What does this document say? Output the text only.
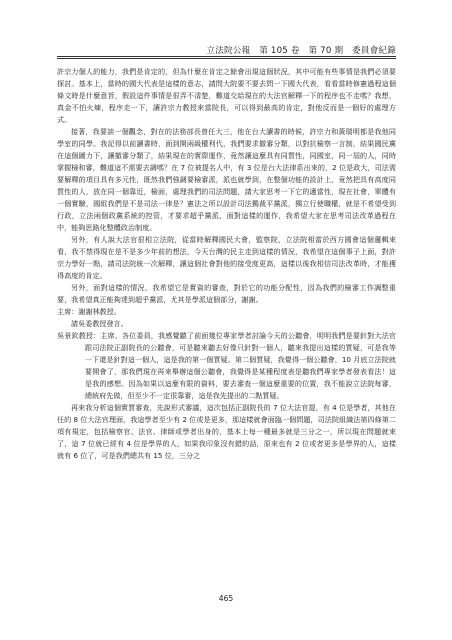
立法院公報　第 105 卷　第 70 期　委員會紀錄

許宗力個人的能力，我們是肯定的，但為什麼在肯定之餘會出現這個狀況，其中可能有些事情是我們必須要探討。基本上，當時的國大代表是這樣的意志，請問大院要不要去問一下國大代表，看看當時修憲過程這個條文時是什麼意旨，假設這件事情是很弄不清楚，難道交給現在的大法官解釋一下的程序也不走嗎？我想，真金不怕火煉，程序走一下，讓許宗力教授來當院長，可以得到最高的肯定，對他反而是一個好的處理方式。

接著，我要談一個觀念，對在的法務部長曾任大三，他在台大讀書的時候，許宗力和黃瑞明都是我他同學室的同學。我記得以前讀書時，面到開兩級權利代，我們要求撤審分類，以對抗檢察一言制，結果國民黨在這個圖力下，讓撤審分類了，結果現在的實際運作，竟然讓這麼具有同質性，同國室，同一屆的人，同時掌握檢和審，難道這不需要去調嗎？在 7 位被提名人中，有 3 位是台大法律系出來的，2 位是政大，司法需要解釋的項目具有多元性，既然我們強調要檢審派，派也就學到，在整個功能的設計上，竟然把具有高度同質性的人，放在同一個靠近，檢面，處理我們的司法問題，請大家思考一下它的適當性，現在社會，單體有一個實驗，國組我們是不是司法一律是？憲法之所以設計司法獨裁平黨派，獨立行使職權，就是不希望受到行政，立法兩個政黨系統的控管，才要求超乎黨派，面對這樣的運作，我希望大家在思考司法改革過程在中，能夠思路化整體政治制度。

另外，有人說大法官很相立法院，從當時解釋國民大會，監察院，立法院相當於西方國會這個邏輯來看，我不禁得現在是不是多少年前的想法，今天台灣的民主走到這樣的情況，我希望在這個事子上面，對許宗力學好一點，請司法院統一次解釋，讓這個社會對他的接受度更高，這樣以後我相信司法改革時，才能獲得高度的肯定。

另外，面對這樣的情況，我希望它是實資的審查，對於它的功能分配性，因為我們的檢審工作調整重要，我希望真正能夠達到超乎黨派，尤其是學派這個部分，謝謝。

主席：謝謝林教授。

請吳委教授發言。

吳景欽教授：主席、各位委員，我感覺聽了前面幾位專家學者討論今天的公聽會，明明我們是要針對大法官跟司法院正副院長的公聽會，可是聽來聽去好像只針對一個人，聽來我提出這樣的質疑，可是我等一下還是針對這一個人，這是我的第一個質疑。第二個質疑，我覺得一個公聽會，10 月底立法院就要開會了，那我們現在再來舉辦這個公聽會，我覺得是某種程度表是聽我們專家學者發表看法！這是我的感想。因為如果以這麼有限的資料，要去審查一個這麼重要的位置，我不能說立法院每審，總統府先做，但至少不一定很靠審，這是我先提出的二點質疑。

再來我分析這個實質審查，先說形式審議，這次包括正副院長的 7 位大法官提，有 4 位是學者，其他在任的 8 位大法官理面，我這學者至少有 2 位或是更多，那這樣就會面臨一個問題，司法院組織法第四條第二項有規定，包括檢察官、法官、律師或學者出身的，基本上每一種最多就是三分之一，所以現在問題就來了，這 7 位就已經有 4 位是學界的人，如果我印象沒有錯的話，原來也有 2 位或者更多是學界的人，這樣就有 6 位了，可是我們總共有 15 位，三分之

465
